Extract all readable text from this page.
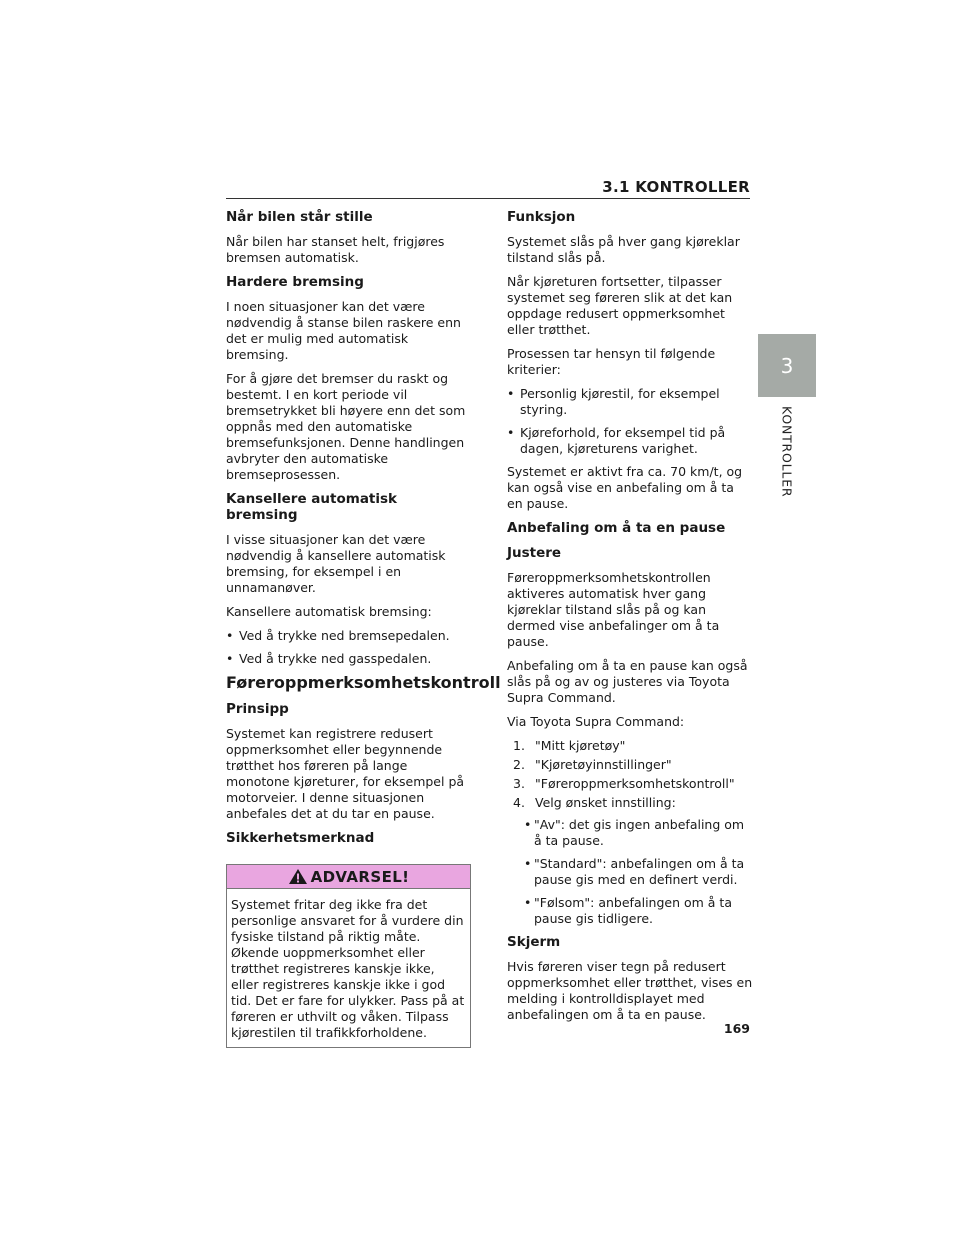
3.1 KONTROLLER
3
KONTROLLER
Når bilen står stille

Når bilen har stanset helt, frigjøres bremsen automatisk.

Hardere bremsing

I noen situasjoner kan det være nødvendig å stanse bilen raskere enn det er mulig med automatisk bremsing.

For å gjøre det bremser du raskt og bestemt. I en kort periode vil bremsetrykket bli høyere enn det som oppnås med den automatiske bremsefunksjonen. Denne handlingen avbryter den automatiske bremseprosessen.

Kansellere automatisk bremsing

I visse situasjoner kan det være nødvendig å kansellere automatisk bremsing, for eksempel i en unnamanøver.

Kansellere automatisk bremsing:

• Ved å trykke ned bremsepedalen.
• Ved å trykke ned gasspedalen.
Føreroppmerksomhetskontroll
Prinsipp

Systemet kan registrere redusert oppmerksomhet eller begynnende trøtthet hos føreren på lange monotone kjøreturer, for eksempel på motorveier. I denne situasjonen anbefales det at du tar en pause.

Sikkerhetsmerknad
ADVARSEL!
Systemet fritar deg ikke fra det personlige ansvaret for å vurdere din fysiske tilstand på riktig måte. Økende uoppmerksomhet eller trøtthet registreres kanskje ikke, eller registreres kanskje ikke i god tid. Det er fare for ulykker. Pass på at føreren er uthvilt og våken. Tilpass kjørestilen til trafikkforholdene.
Funksjon

Systemet slås på hver gang kjøreklar tilstand slås på.

Når kjøreturen fortsetter, tilpasser systemet seg føreren slik at det kan oppdage redusert oppmerksomhet eller trøtthet.

Prosessen tar hensyn til følgende kriterier:

• Personlig kjørestil, for eksempel styring.
• Kjøreforhold, for eksempel tid på dagen, kjøreturens varighet.

Systemet er aktivt fra ca. 70 km/t, og kan også vise en anbefaling om å ta en pause.

Anbefaling om å ta en pause
Justere

Føreroppmerksomhetskontrollen aktiveres automatisk hver gang kjøreklar tilstand slås på og kan dermed vise anbefalinger om å ta pause.

Anbefaling om å ta en pause kan også slås på og av og justeres via Toyota Supra Command.

Via Toyota Supra Command:

1. "Mitt kjøretøy"
2. "Kjøretøyinnstillinger"
3. "Føreroppmerksomhetskontroll"
4. Velg ønsket innstilling:
• "Av": det gis ingen anbefaling om å ta pause.
• "Standard": anbefalingen om å ta pause gis med en definert verdi.
• "Følsom": anbefalingen om å ta pause gis tidligere.
Skjerm

Hvis føreren viser tegn på redusert oppmerksomhet eller trøtthet, vises en melding i kontrolldisplayet med anbefalingen om å ta en pause.

169
